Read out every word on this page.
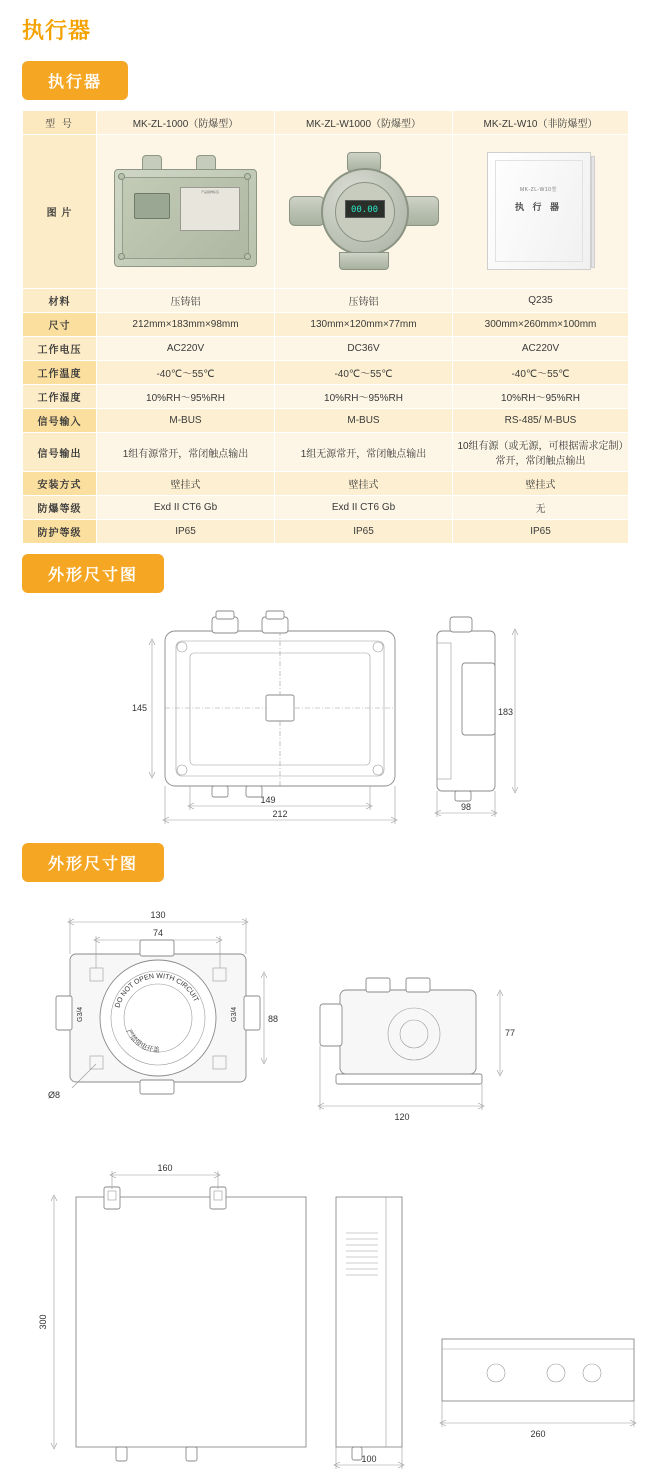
执行器
执行器
型 号	MK-ZL-1000（防爆型）	MK-ZL-W1000（防爆型）	MK-ZL-W10（非防爆型）
图 片	产品铭牌标签	00.00	MK-ZL-W10型
执 行 器

材料	压铸铝	压铸铝	Q235
尺寸	212mm×183mm×98mm	130mm×120mm×77mm	300mm×260mm×100mm
工作电压	AC220V	DC36V	AC220V
工作温度	-40℃～55℃	-40℃～55℃	-40℃～55℃
工作湿度	10%RH～95%RH	10%RH～95%RH	10%RH～95%RH
信号输入	M-BUS	M-BUS	RS-485/ M-BUS
信号输出	1组有源常开，常闭触点输出	1组无源常开，常闭触点输出	10组有源（或无源，可根据需求定制）常开，常闭触点输出
安装方式	壁挂式	壁挂式	壁挂式
防爆等级	Exd II CT6 Gb	Exd II CT6 Gb	无
防护等级	IP65	IP65	IP65
外形尺寸图
145
149
212
183
98
外形尺寸图
DO NOT OPEN WITH CIRCUIT
严禁带电开盖
G3/4	G3/4
Ø8
130
74
88
77
120
160
300
100
260
